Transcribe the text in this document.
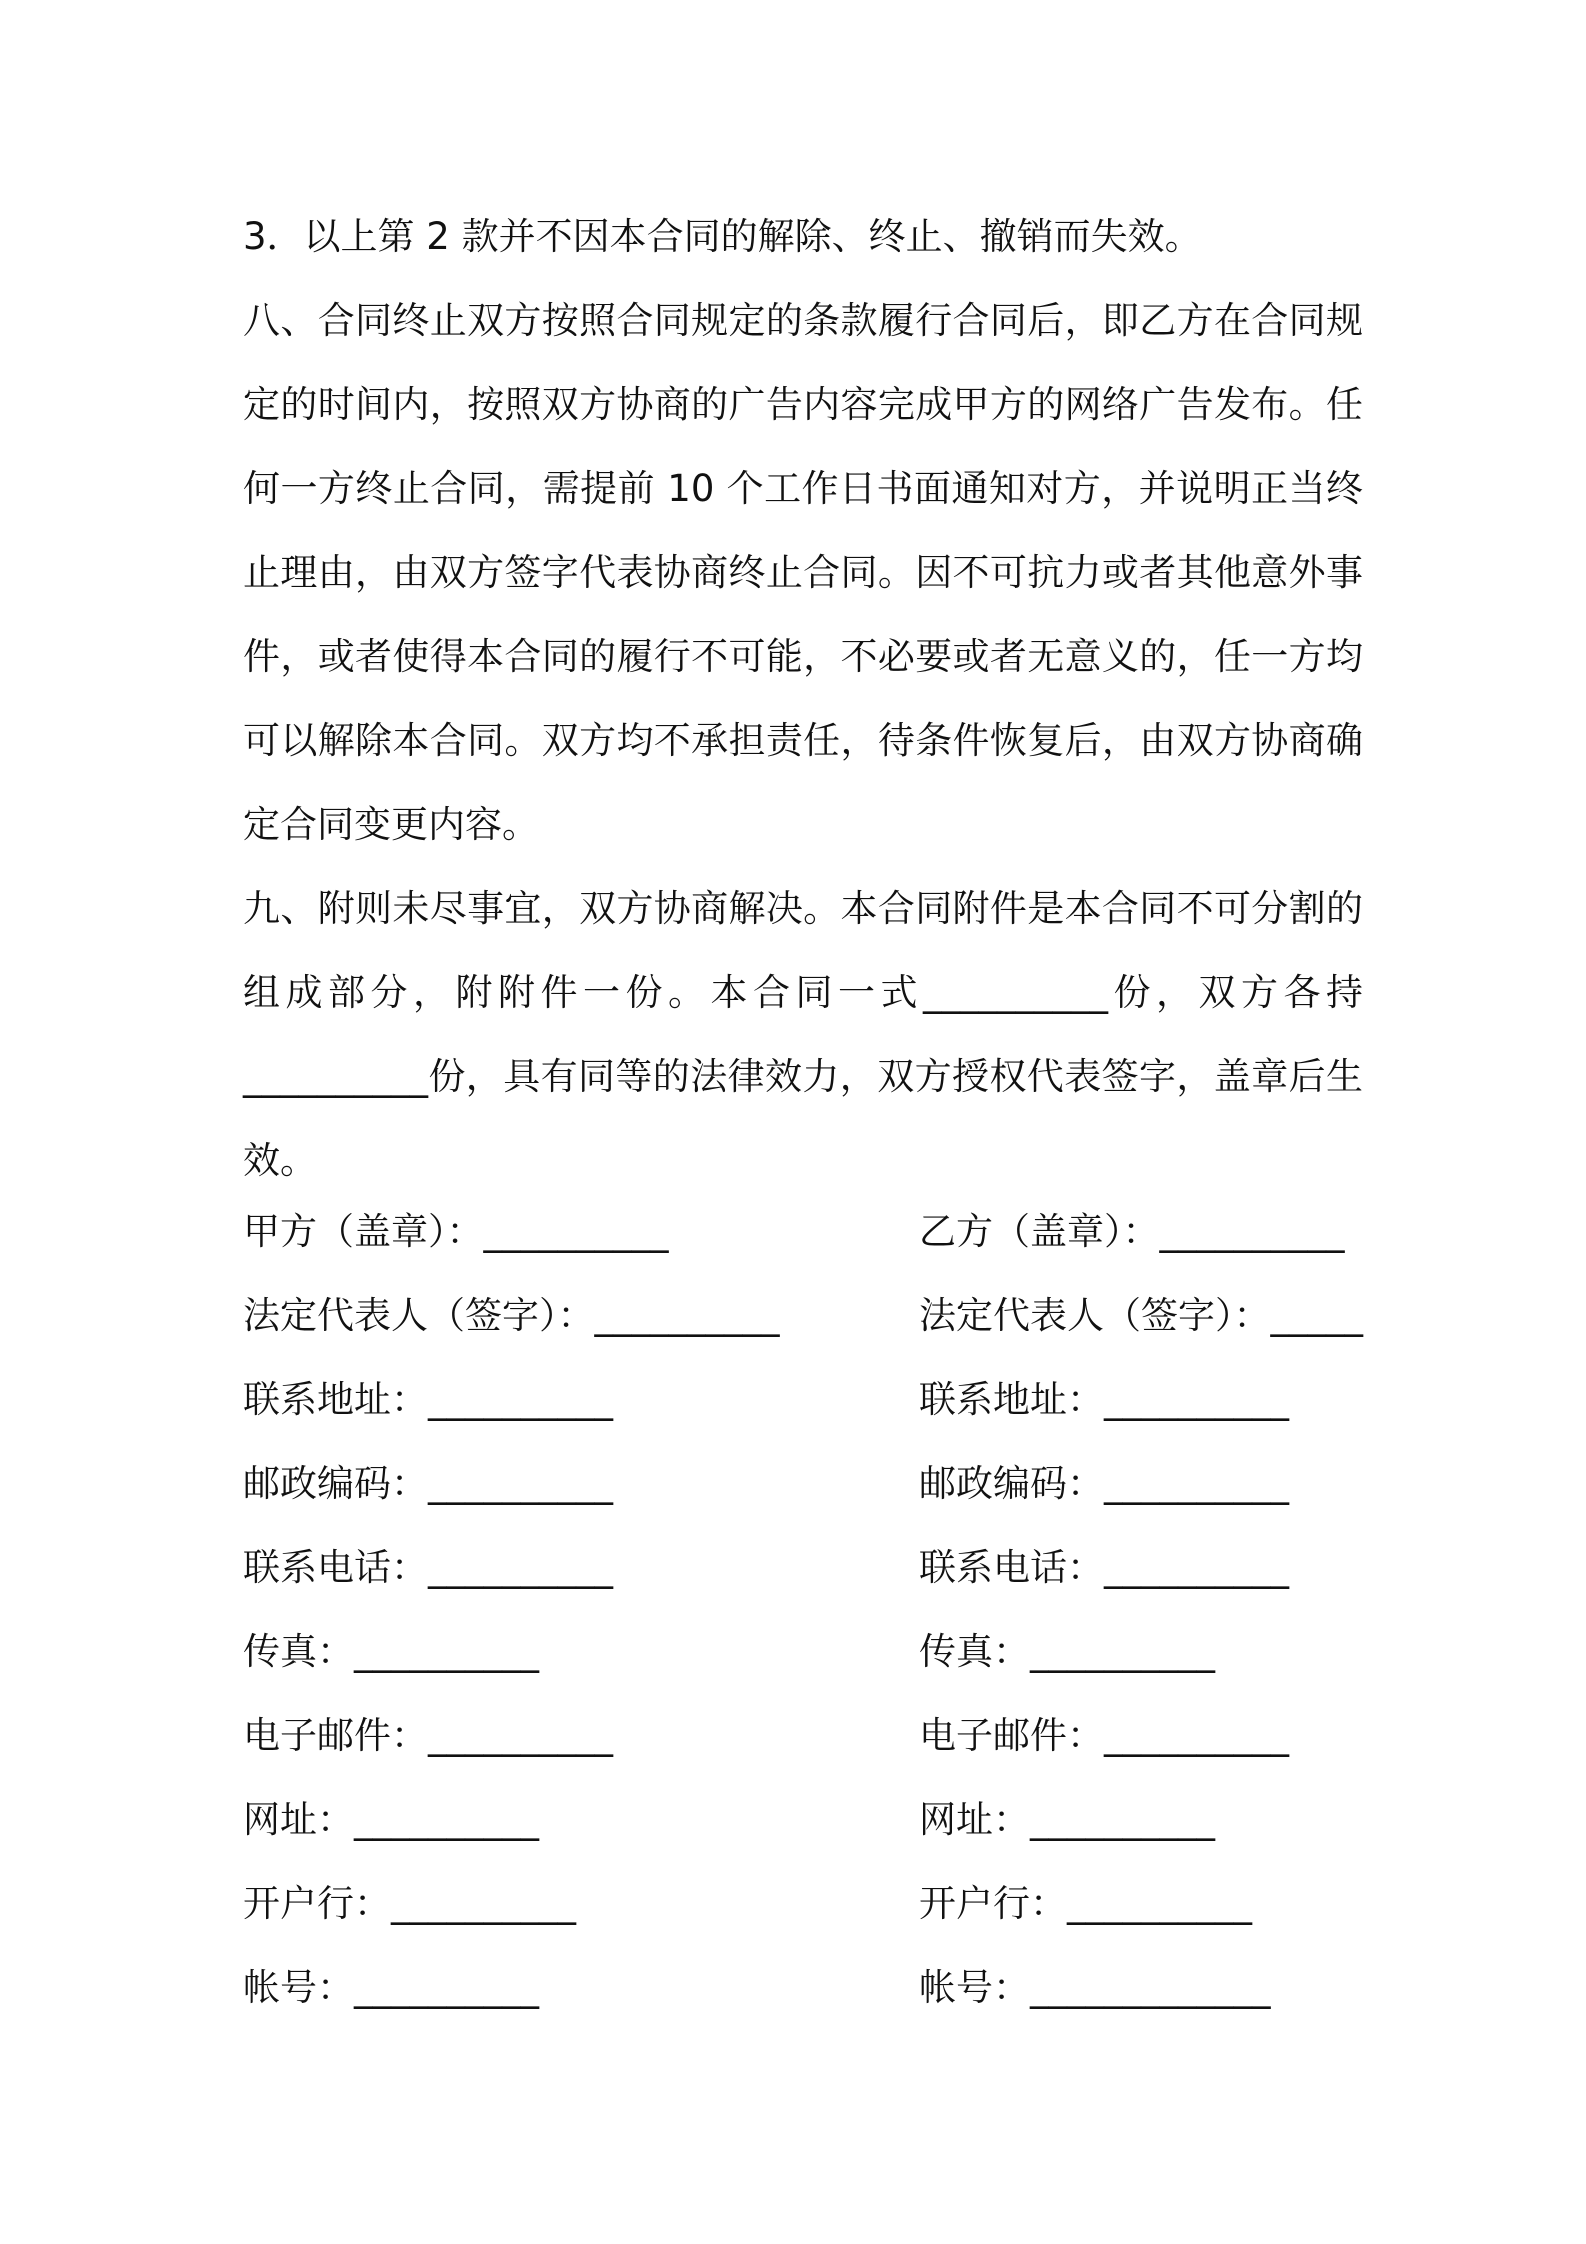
3．以上第 2 款并不因本合同的解除、终止、撤销而失效。

八、合同终止双方按照合同规定的条款履行合同后，即乙方在合同规定的时间内，按照双方协商的广告内容完成甲方的网络广告发布。任何一方终止合同，需提前 10 个工作日书面通知对方，并说明正当终止理由，由双方签字代表协商终止合同。因不可抗力或者其他意外事件，或者使得本合同的履行不可能，不必要或者无意义的，任一方均可以解除本合同。双方均不承担责任，待条件恢复后，由双方协商确定合同变更内容。

九、附则未尽事宜，双方协商解决。本合同附件是本合同不可分割的组成部分，附附件一份。本合同一式__________份，双方各持__________份，具有同等的法律效力，双方授权代表签字，盖章后生效。

甲方（盖章）：__________	乙方（盖章）：__________
法定代表人（签字）：__________	法定代表人（签字）：_____
联系地址：__________	联系地址：__________
邮政编码：__________	邮政编码：__________
联系电话：__________	联系电话：__________
传真：__________	传真：__________
电子邮件：__________	电子邮件：__________
网址：__________	网址：__________
开户行：__________	开户行：__________
帐号：__________	帐号：_____________
